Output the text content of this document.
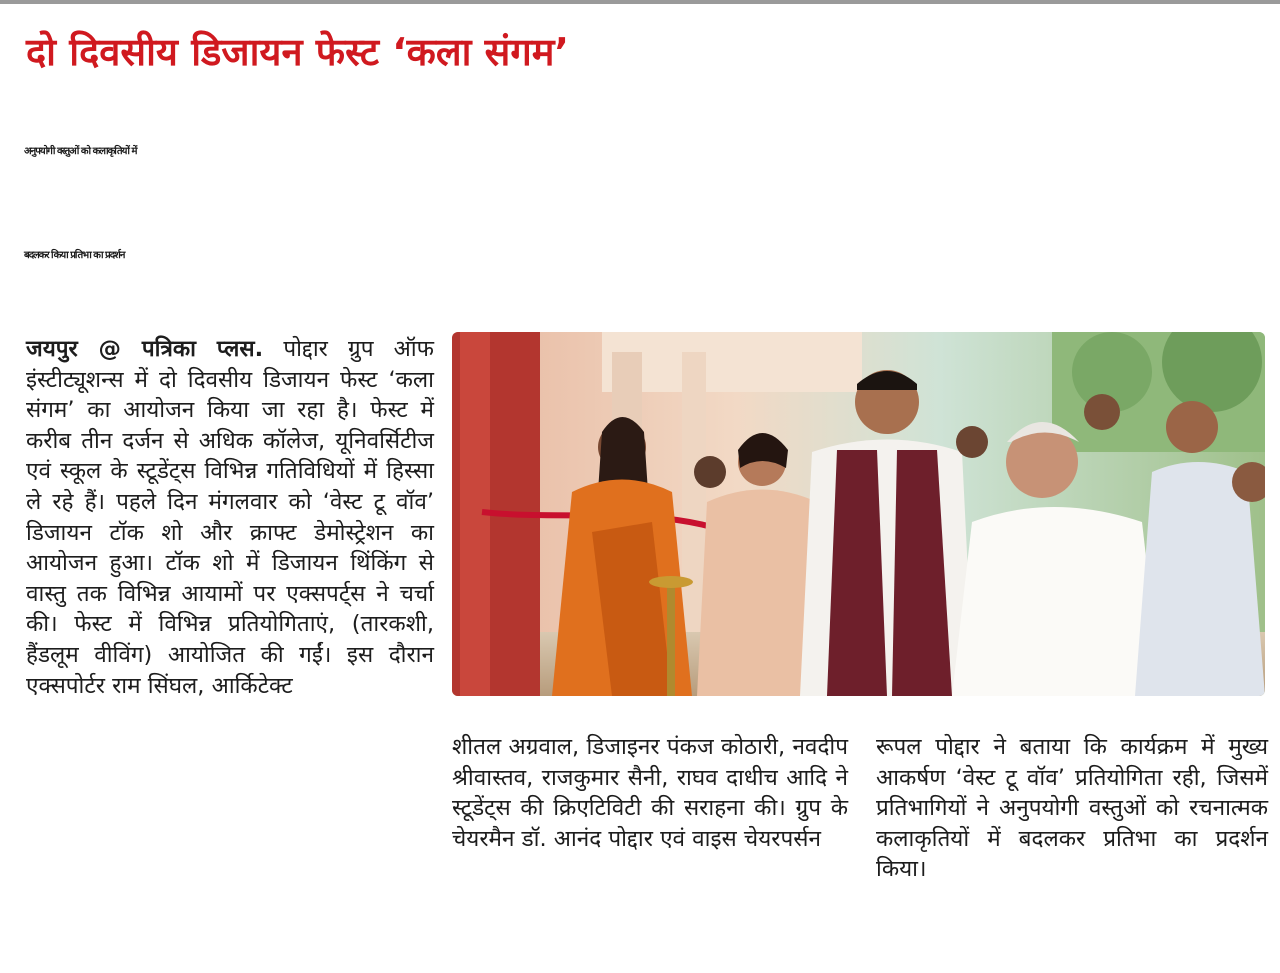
दो दिवसीय डिजायन फेस्ट ‘कला संगम’
अनुपयोगी वस्तुओं को कलाकृतियों में
बदलकर किया प्रतिभा का प्रदर्शन
जयपुर @ पत्रिका प्लस. पोद्दार ग्रुप ऑफ इंस्टीट्यूशन्स में दो दिवसीय डिजायन फेस्ट ‘कला संगम’ का आयोजन किया जा रहा है। फेस्ट में करीब तीन दर्जन से अधिक कॉलेज, यूनिवर्सिटीज एवं स्कूल के स्टूडेंट्स विभिन्न गतिविधियों में हिस्सा ले रहे हैं। पहले दिन मंगलवार को ‘वेस्ट टू वॉव’ डिजायन टॉक शो और क्राफ्ट डेमोस्ट्रेशन का आयोजन हुआ। टॉक शो में डिजायन थिंकिंग से वास्तु तक विभिन्न आयामों पर एक्सपर्ट्स ने चर्चा की। फेस्ट में विभिन्न प्रतियोगिताएं, (तारकशी, हैंडलूम वीविंग) आयोजित की गईं। इस दौरान एक्सपोर्टर राम सिंघल, आर्किटेक्ट
शीतल अग्रवाल, डिजाइनर पंकज कोठारी, नवदीप श्रीवास्तव, राजकुमार सैनी, राघव दाधीच आदि ने स्टूडेंट्स की क्रिएटिविटी की सराहना की। ग्रुप के चेयरमैन डॉ. आनंद पोद्दार एवं वाइस चेयरपर्सन
रूपल पोद्दार ने बताया कि कार्यक्रम में मुख्य आकर्षण ‘वेस्ट टू वॉव’ प्रतियोगिता रही, जिसमें प्रतिभागियों ने अनुपयोगी वस्तुओं को रचनात्मक कलाकृतियों में बदलकर प्रतिभा का प्रदर्शन किया।
